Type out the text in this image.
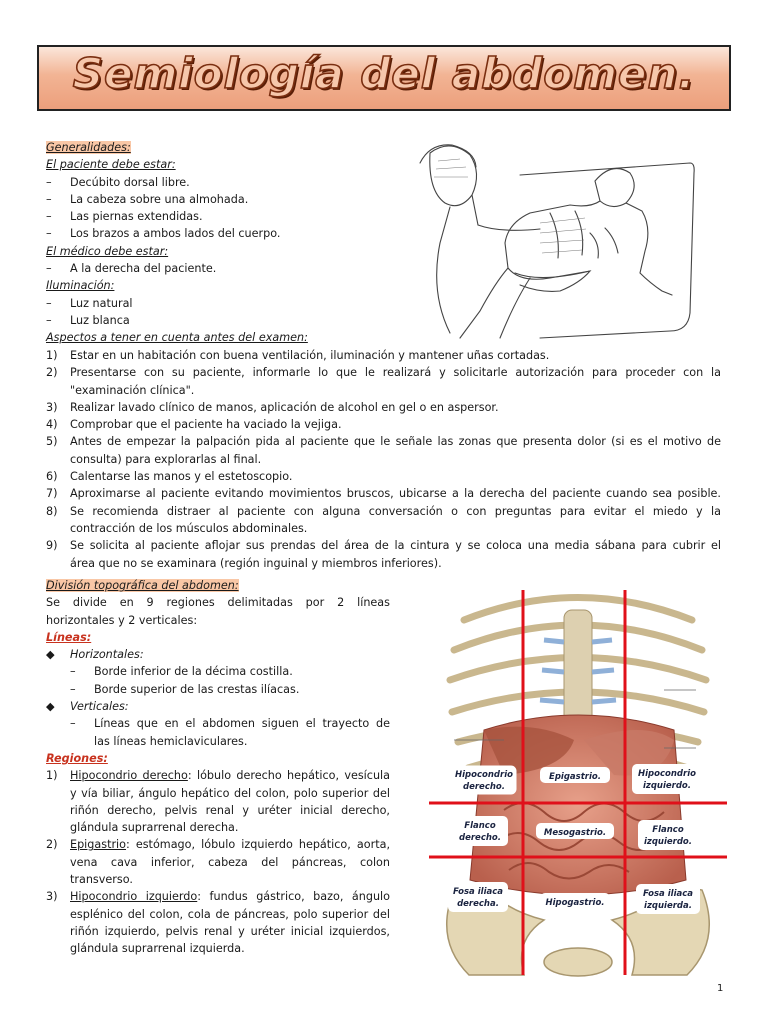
Semiología del abdomen.
Generalidades:
El paciente debe estar:
– Decúbito dorsal libre.
– La cabeza sobre una almohada.
– Las piernas extendidas.
– Los brazos a ambos lados del cuerpo.
El médico debe estar:
– A la derecha del paciente.
Iluminación:
– Luz natural
– Luz blanca
Aspectos a tener en cuenta antes del examen:
1) Estar en un habitación con buena ventilación, iluminación y mantener uñas cortadas.
2)	Presentarse con su paciente, informarle lo que le realizará y solicitarle autorización para proceder con la
"examinación clínica".
3) Realizar lavado clínico de manos, aplicación de alcohol en gel o en aspersor.
4) Comprobar que el paciente ha vaciado la vejiga.
5)	Antes de empezar la palpación pida al paciente que le señale las zonas que presenta dolor (si es el motivo de
consulta) para explorarlas al final.
6) Calentarse las manos y el estetoscopio.
7)	Aproximarse al paciente evitando movimientos bruscos, ubicarse a la derecha del paciente cuando sea posible.
8)	Se recomienda distraer al paciente con alguna conversación o con preguntas para evitar el miedo y la
contracción de los músculos abdominales.
9)	Se solicita al paciente aflojar sus prendas del área de la cintura y se coloca una media sábana para cubrir el
área que no se examinara (región inguinal y miembros inferiores).
División topográfica del abdomen:
Se divide en 9 regiones delimitadas por 2 líneas
horizontales y 2 verticales:
Líneas:
◆ Horizontales:
– Borde inferior de la décima costilla.
– Borde superior de las crestas ilíacas.
◆ Verticales:
–	Líneas que en el abdomen siguen el trayecto de
las líneas hemiclaviculares.
Regiones:
1)	Hipocondrio derecho: lóbulo derecho hepático, vesícula
y vía biliar, ángulo hepático del colon, polo superior del
riñón derecho, pelvis renal y uréter inicial derecho,
glándula suprarrenal derecha.
2)	Epigastrio: estómago, lóbulo izquierdo hepático, aorta,
vena cava inferior, cabeza del páncreas, colon
transverso.
3)	Hipocondrio izquierdo: fundus gástrico, bazo, ángulo
esplénico del colon, cola de páncreas, polo superior del
riñón izquierdo, pelvis renal y uréter inicial izquierdos,
glándula suprarrenal izquierda.
Hipocondrio
derecho.
Epigastrio.	Hipocondrio
izquierdo.
Flanco
derecho.	Mesogastrio.	Flanco
izquierdo.
Fosa iliaca
derecha.	Hipogastrio.
Fosa iliaca
izquierda.
1
